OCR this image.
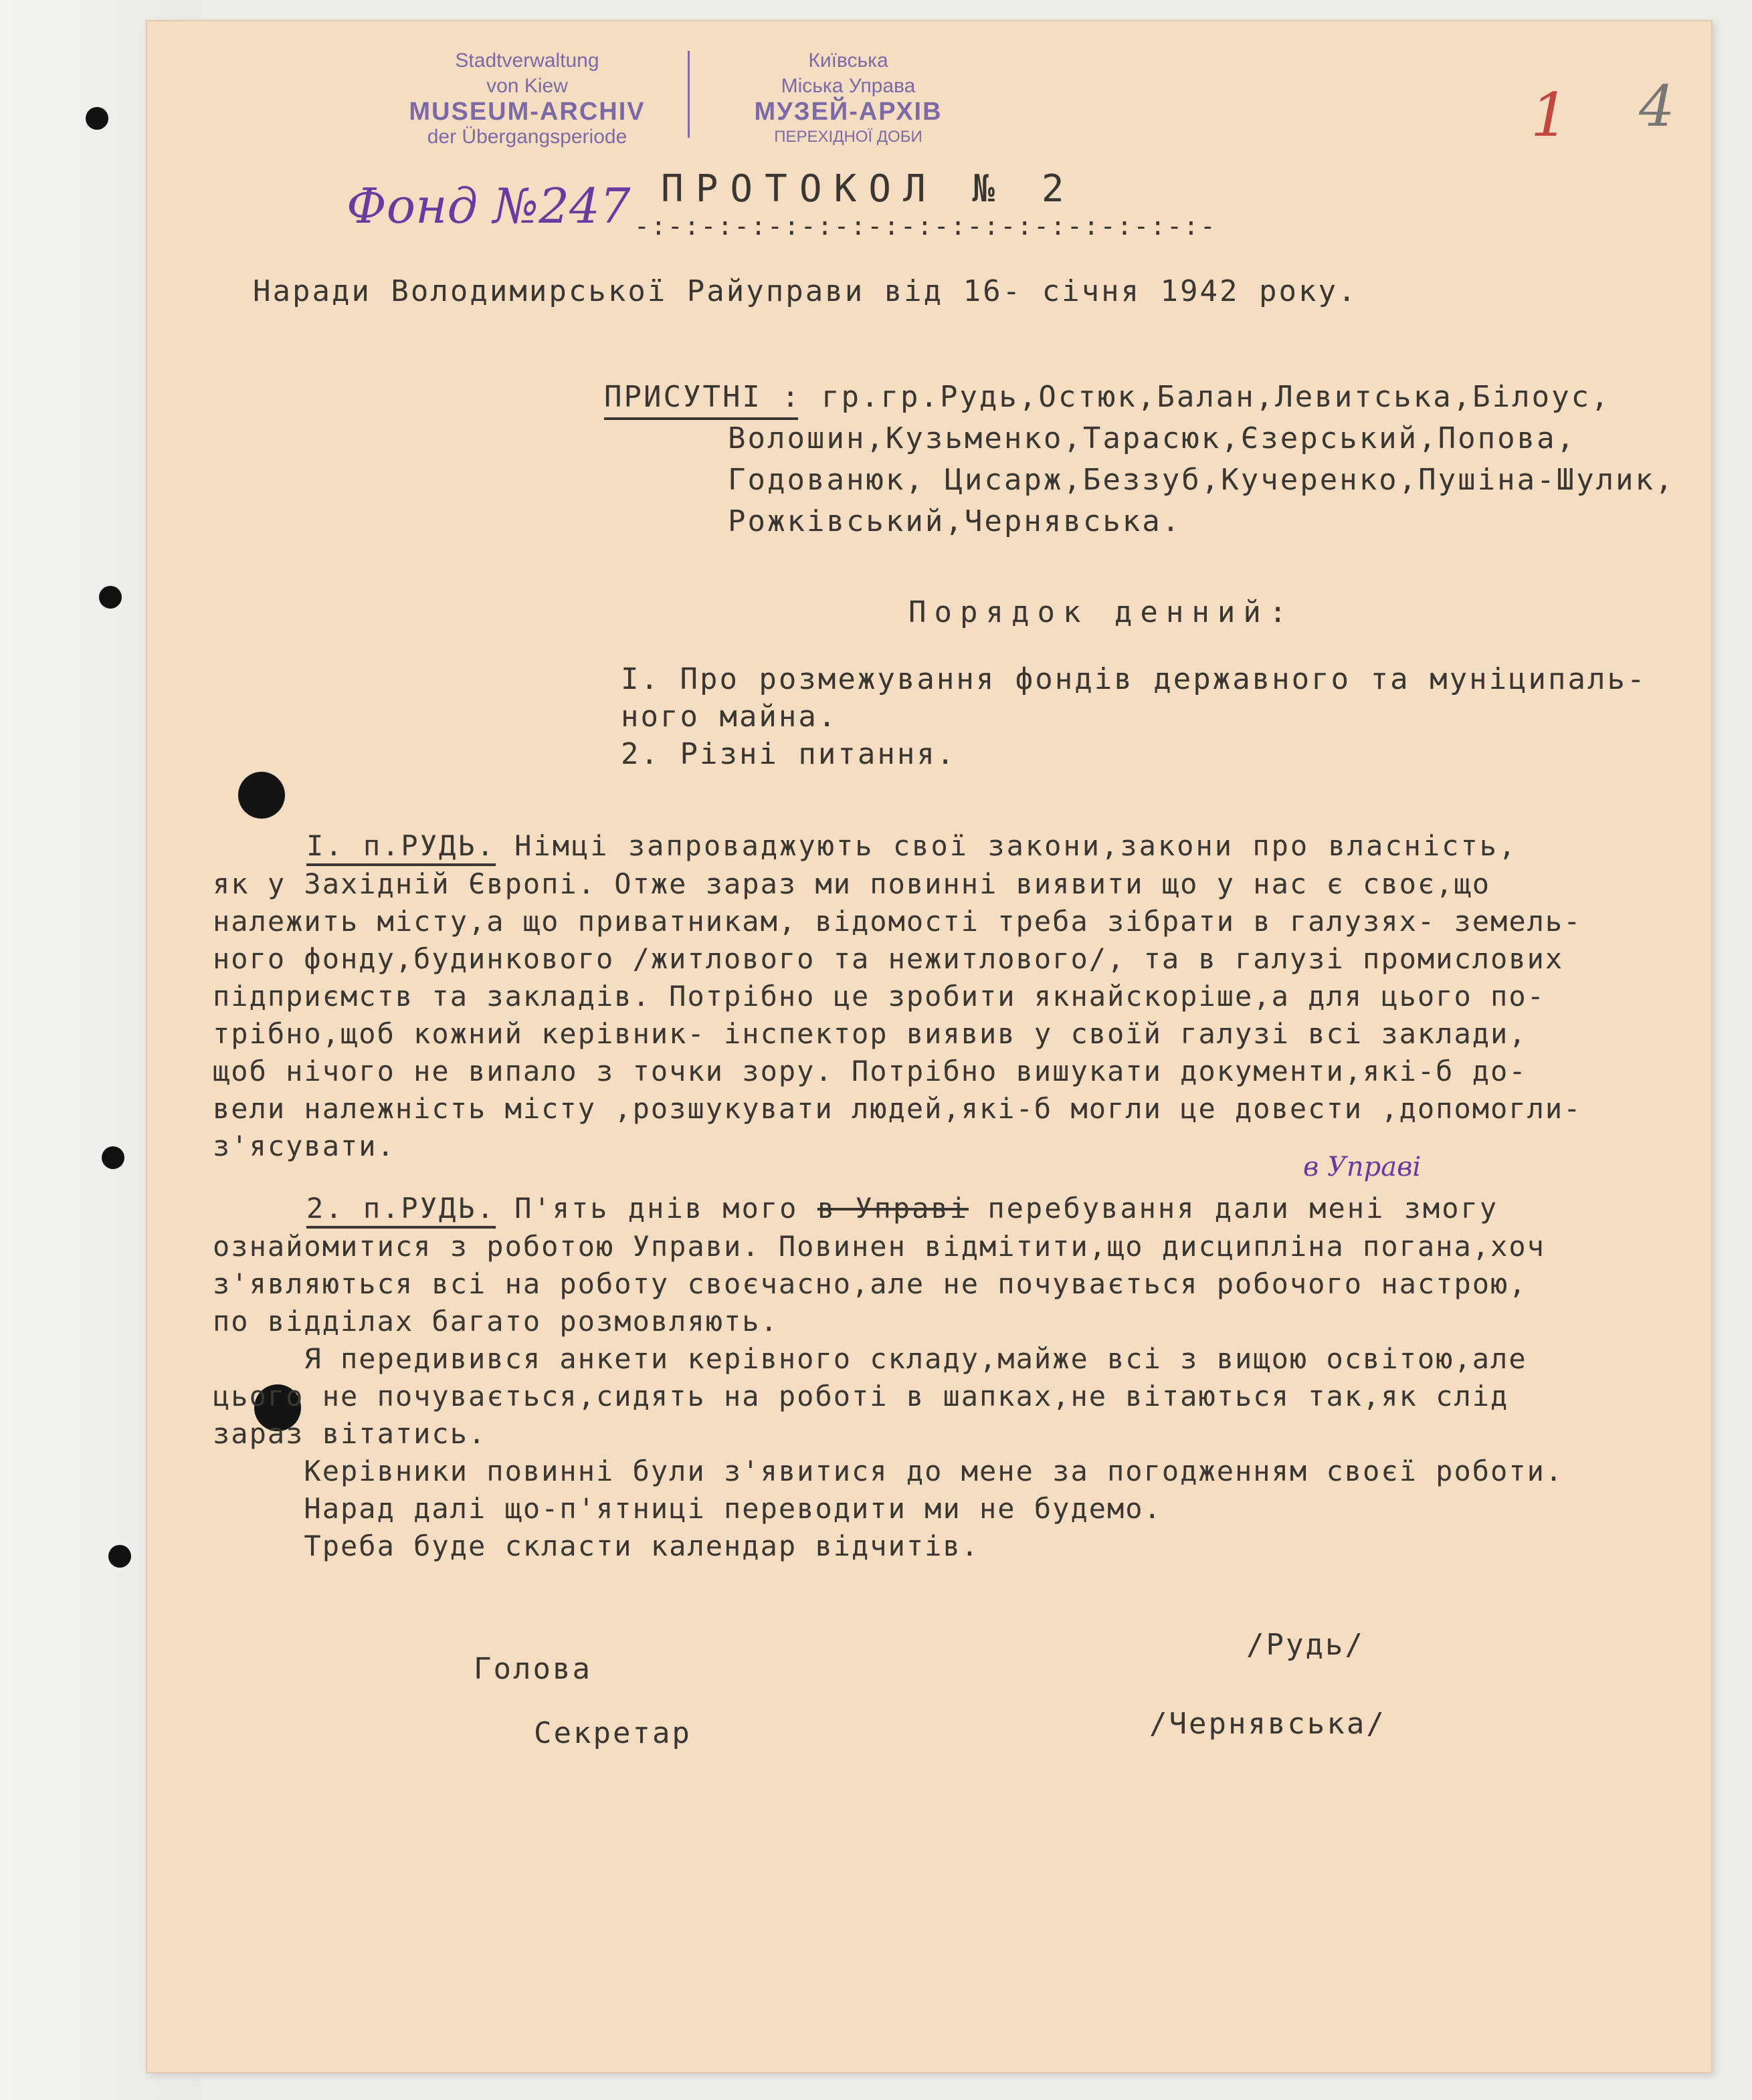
Stadtverwaltung
von Kiew
MUSEUM-ARCHIV
der Übergangsperiode
Київська
Міська Управа
МУЗЕЙ-АРХІВ
ПЕРЕХІДНОЇ ДОБИ
Фонд №247
1 4
ПРОТОКОЛ № 2
-:-:-:-:-:-:-:-:-:-:-:-:-:-:-:-:-:-
Наради Володимирської Райуправи від 16- січня 1942 року.
ПРИСУТНІ : гр.гр.Рудь,Остюк,Балан,Левитська,Білоус,
Волошин,Кузьменко,Тарасюк,Єзерський,Попова,
Годованюк, Цисарж,Беззуб,Кучеренко,Пушіна-Шулик,
Рожківський,Чернявська.
Порядок денний:
І. Про розмежування фондів державного та муніципаль-
ного майна.
2. Різні питання.
І. п.РУДЬ. Німці запроваджують свої закони,закони про власність,
як у Західній Європі. Отже зараз ми повинні виявити що у нас є своє,що
належить місту,а що приватникам, відомості треба зібрати в галузях- земель-
ного фонду,будинкового /житлового та нежитлового/, та в галузі промислових
підприємств та закладів. Потрібно це зробити якнайскоріше,а для цього по-
трібно,щоб кожний керівник- інспектор виявив у своїй галузі всі заклади,
щоб нічого не випало з точки зору. Потрібно вишукати документи,які-б до-
вели належність місту ,розшукувати людей,які-б могли це довести ,допомогли-
з'ясувати.
в Управі
2. п.РУДЬ. П'ять днів мого в Управі перебування дали мені змогу
ознайомитися з роботою Управи. Повинен відмітити,що дисципліна погана,хоч
з'являються всі на роботу своєчасно,але не почувається робочого настрою,
по відділах багато розмовляють.
Я передивився анкети керівного складу,майже всі з вищою освітою,але
цього не почувається,сидять на роботі в шапках,не вітаються так,як слід
зараз вітатись.
Керівники повинні були з'явитися до мене за погодженням своєї роботи.
Нарад далі що-п'ятниці переводити ми не будемо.
Треба буде скласти календар відчитів.
Голова
/Рудь/
Секретар	/Чернявська/
